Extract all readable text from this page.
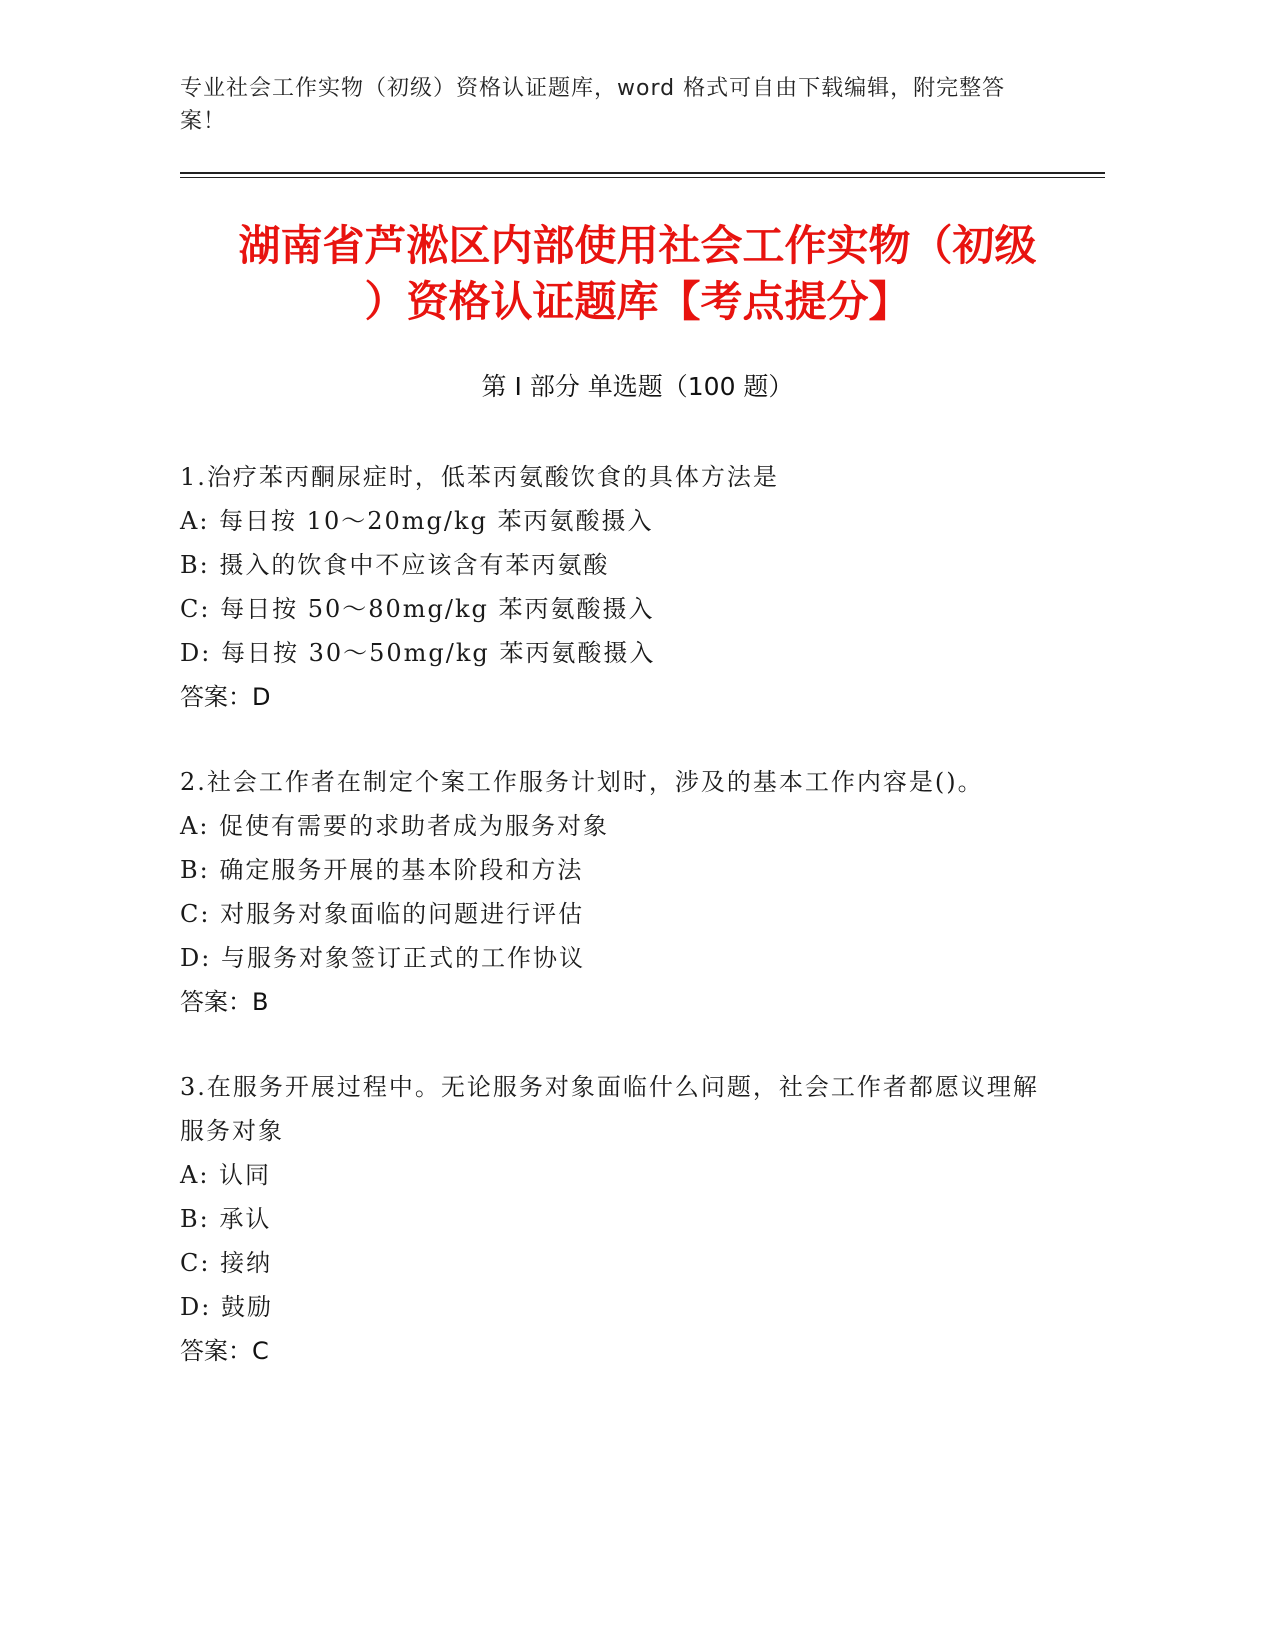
专业社会工作实物（初级）资格认证题库，word 格式可自由下载编辑，附完整答案！
湖南省芦淞区内部使用社会工作实物（初级
）资格认证题库【考点提分】
第 I 部分 单选题（100 题）

1.治疗苯丙酮尿症时，低苯丙氨酸饮食的具体方法是

A: 每日按 10～20mg/kg 苯丙氨酸摄入

B: 摄入的饮食中不应该含有苯丙氨酸

C: 每日按 50～80mg/kg 苯丙氨酸摄入

D: 每日按 30～50mg/kg 苯丙氨酸摄入

答案：D

2.社会工作者在制定个案工作服务计划时，涉及的基本工作内容是()。

A: 促使有需要的求助者成为服务对象

B: 确定服务开展的基本阶段和方法

C: 对服务对象面临的问题进行评估

D: 与服务对象签订正式的工作协议

答案：B

3.在服务开展过程中。无论服务对象面临什么问题，社会工作者都愿议理解服务对象

A: 认同

B: 承认

C: 接纳

D: 鼓励

答案：C
